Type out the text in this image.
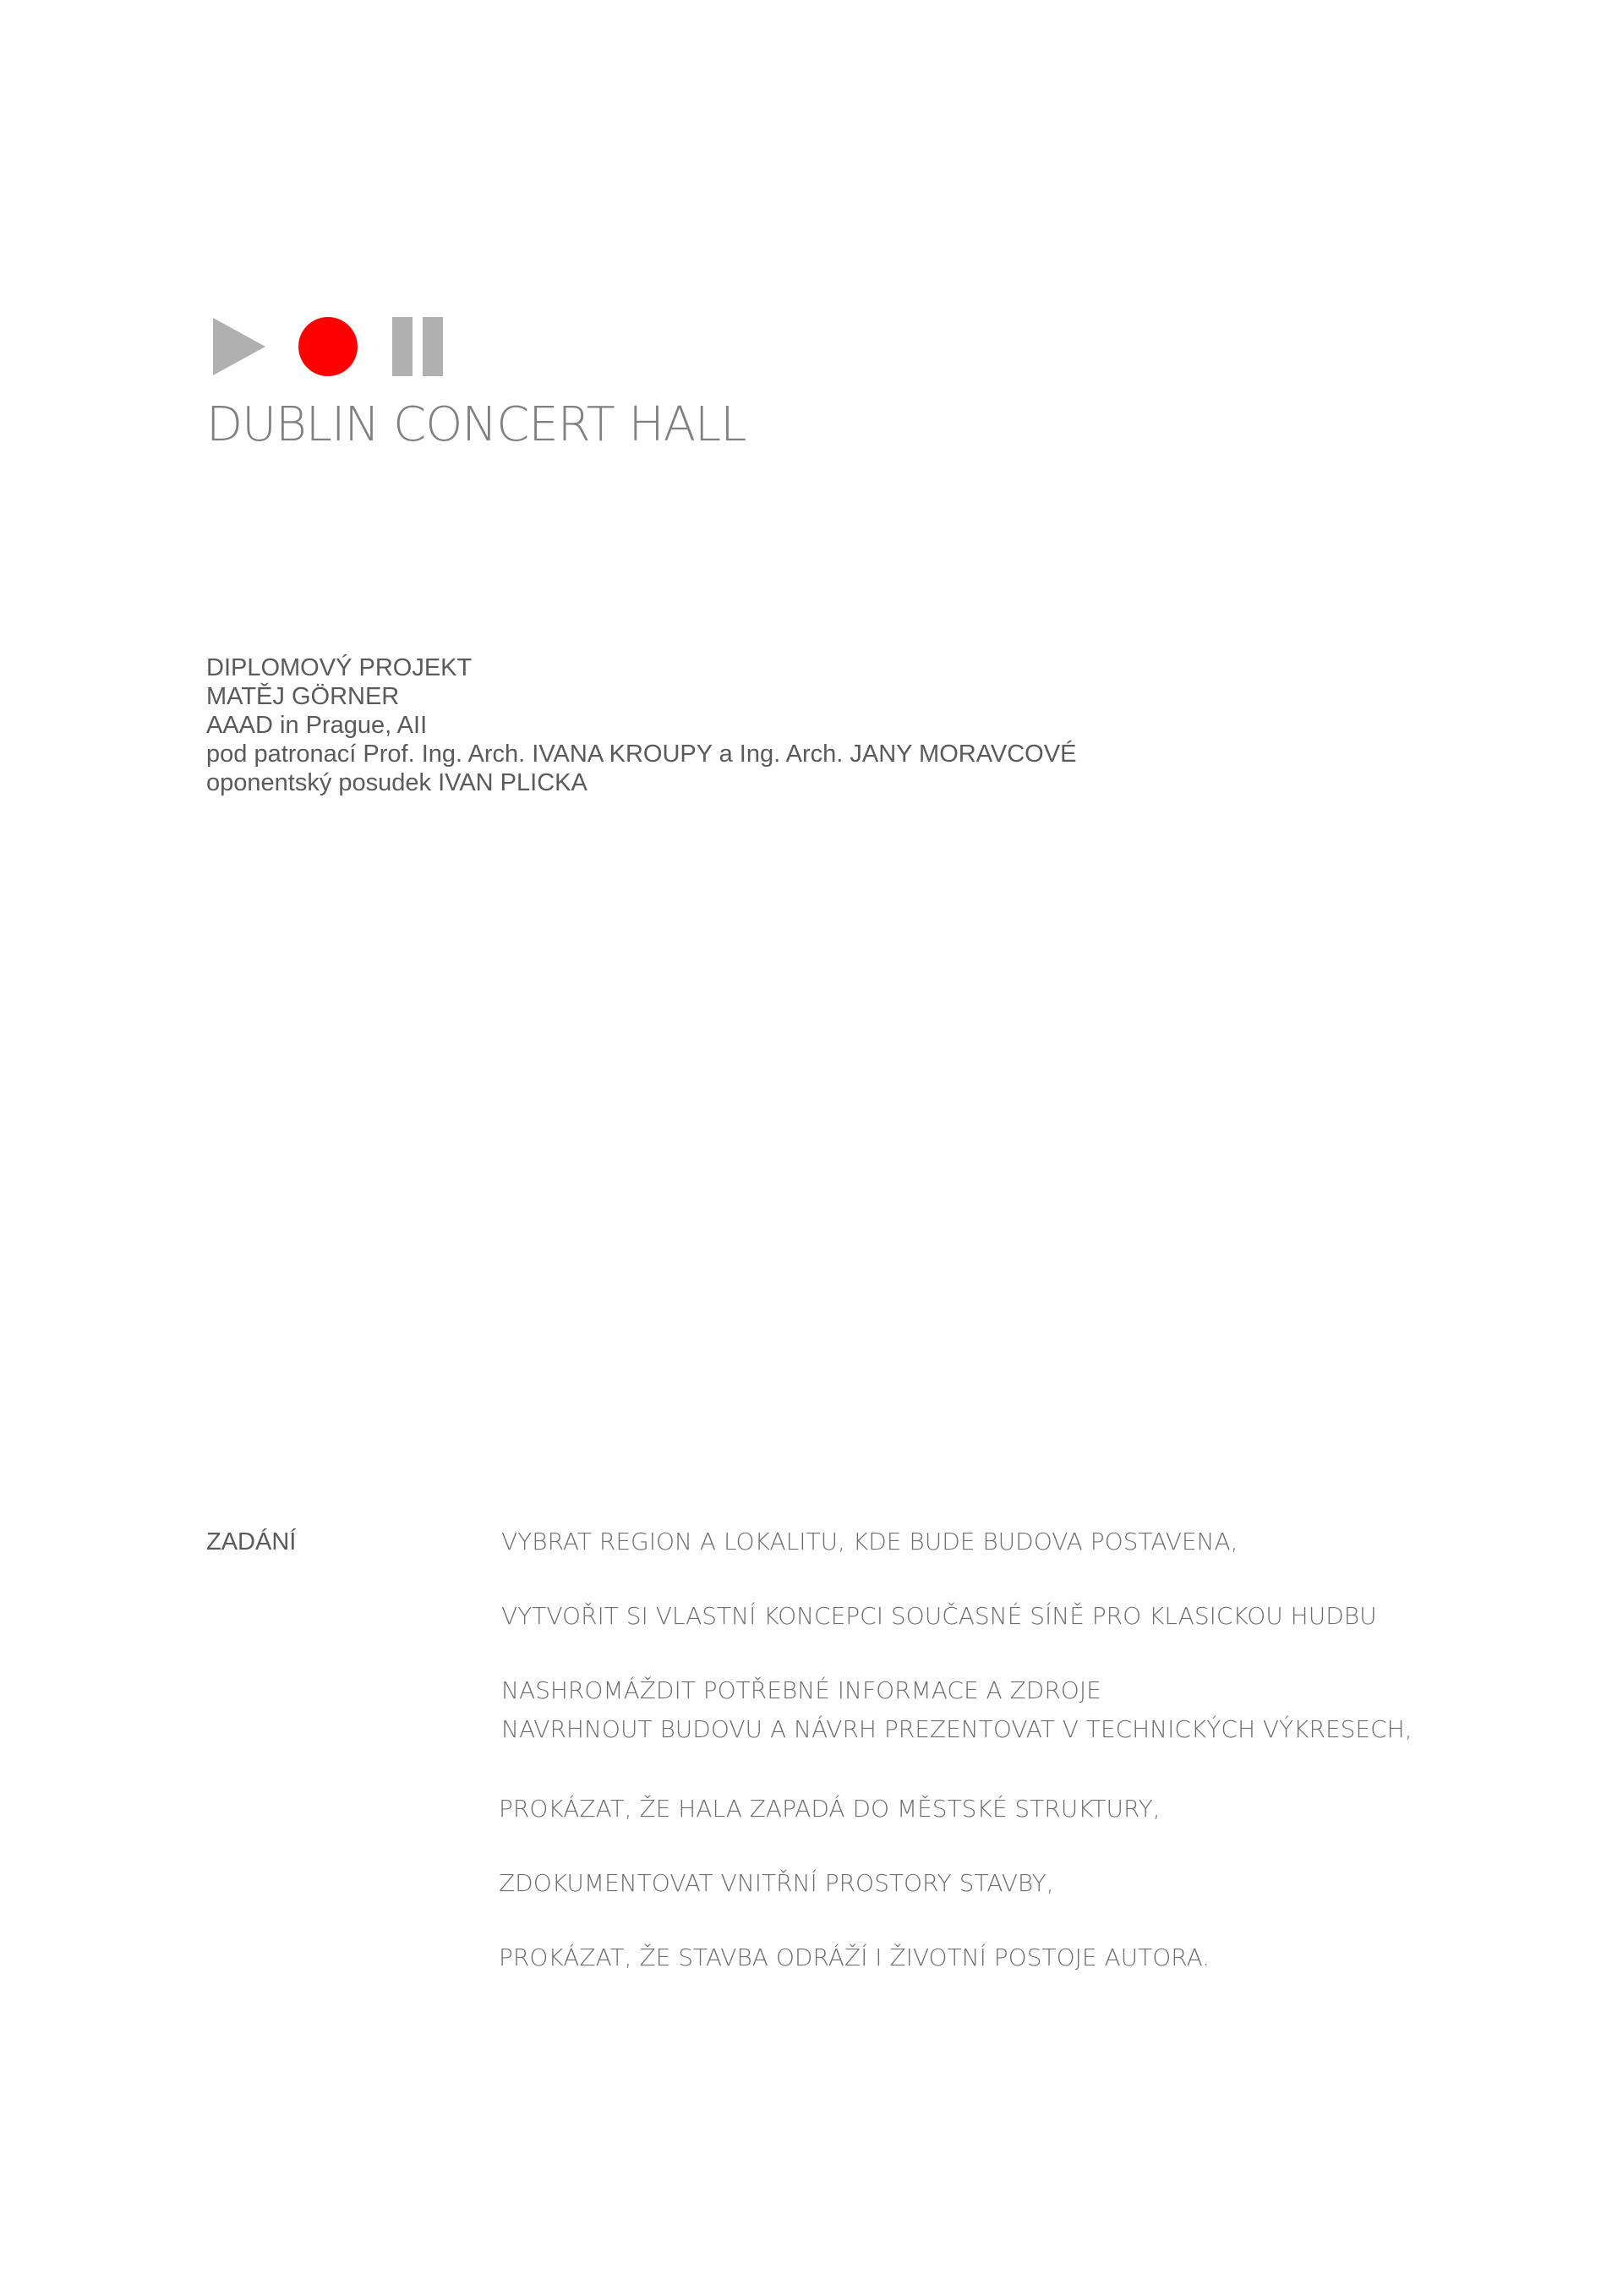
DUBLIN CONCERT HALL
DIPLOMOVÝ PROJEKT
MATĚJ GÖRNER
AAAD in Prague, AII
pod patronací Prof. Ing. Arch. IVANA KROUPY a Ing. Arch. JANY MORAVCOVÉ
oponentský posudek IVAN PLICKA
ZADÁNÍ	VYBRAT REGION A LOKALITU, KDE BUDE BUDOVA POSTAVENA,
VYTVOŘIT SI VLASTNÍ KONCEPCI SOUČASNÉ SÍNĚ PRO KLASICKOU HUDBU
NASHROMÁŽDIT POTŘEBNÉ INFORMACE A ZDROJE
NAVRHNOUT BUDOVU A NÁVRH PREZENTOVAT V TECHNICKÝCH VÝKRESECH,
PROKÁZAT, ŽE HALA ZAPADÁ DO MĚSTSKÉ STRUKTURY,
ZDOKUMENTOVAT VNITŘNÍ PROSTORY STAVBY,
PROKÁZAT, ŽE STAVBA ODRÁŽÍ I ŽIVOTNÍ POSTOJE AUTORA.
